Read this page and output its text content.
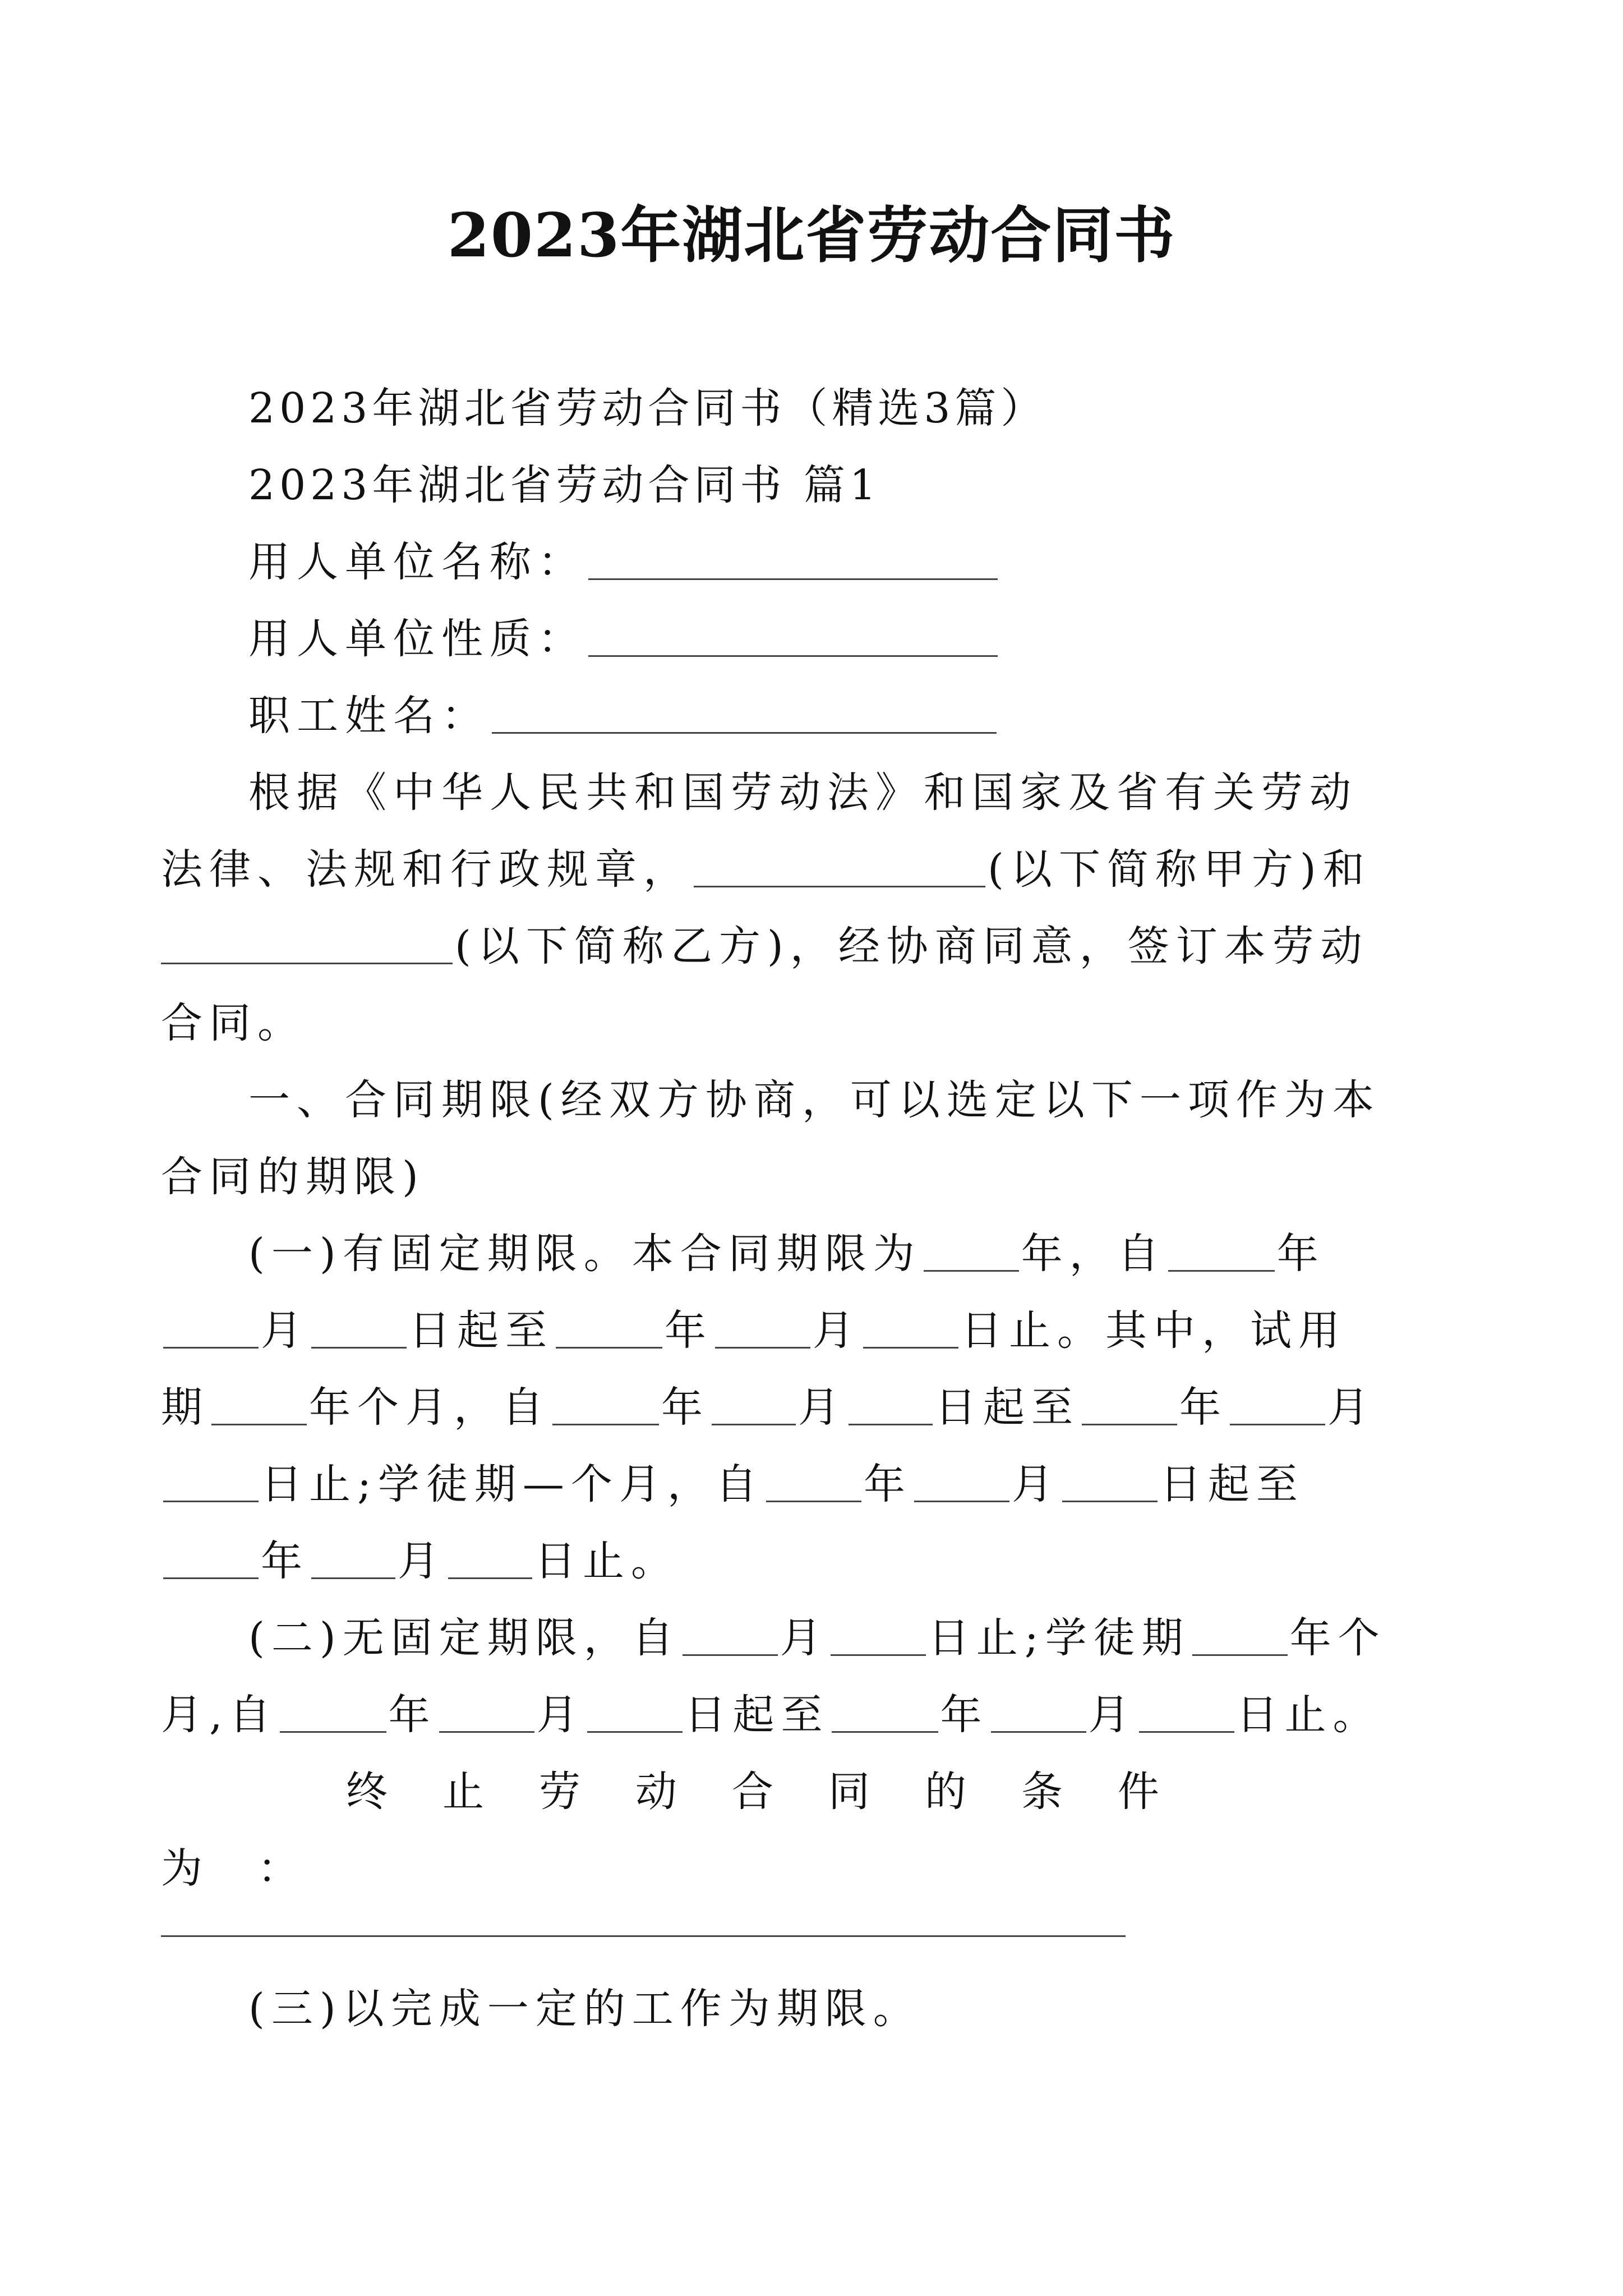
2023年湖北省劳动合同书

2023年湖北省劳动合同书（精选3篇）

2023年湖北省劳动合同书 篇1

用人单位名称：

用人单位性质：

职工姓名：

根据《中华人民共和国劳动法》和国家及省有关劳动法律、法规和行政规章，	(以下简称甲方)和(以下简称乙方)，经协商同意，签订本劳动合同。

一、合同期限(经双方协商，可以选定以下一项作为本合同的期限)

(一)有固定期限。本合同期限为 年，自	年月 日起至	年 月 日止。其中，试用期 年个月，自	年 月 日起至 年 月日止;学徒期—个月，自 年 月 日起至年 月 日止。

(二)无固定期限，自 月 日止;学徒期 年个月,自	年 月 日起至	年 月 日止。

终止劳动合同的条件为：

(三)以完成一定的工作为期限。
